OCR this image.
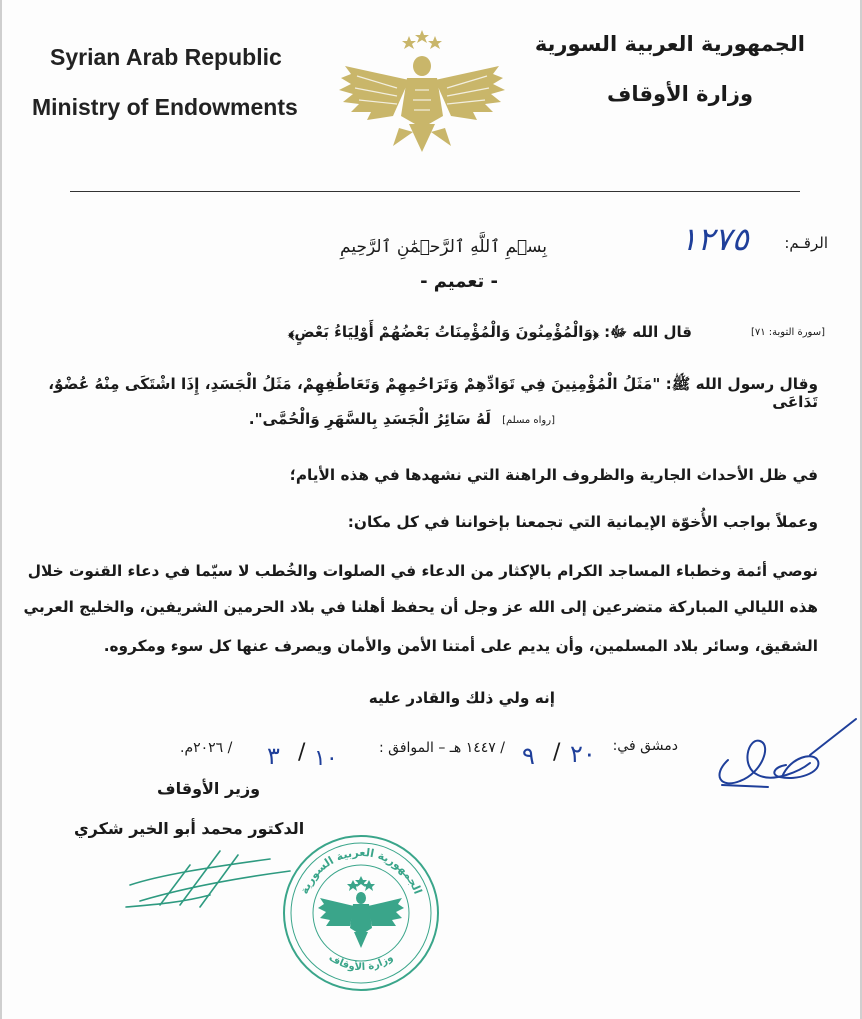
Syrian Arab Republic
Ministry of Endowments
الجمهورية العربية السورية
وزارة الأوقاف
الرقـم:
١٢٧٥
بِسۡمِ ٱللَّهِ ٱلرَّحۡمَٰنِ ٱلرَّحِيمِ
- تعميم -
قال الله ﷻ: ﴿وَالْمُؤْمِنُونَ وَالْمُؤْمِنَاتُ بَعْضُهُمْ أَوْلِيَاءُ بَعْضٍ﴾	[سورة التوبة: ٧١]
وقال رسول الله ﷺ: "مَثَلُ الْمُؤْمِنِينَ فِي تَوَادِّهِمْ وَتَرَاحُمِهِمْ وَتَعَاطُفِهِمْ، مَثَلُ الْجَسَدِ، إِذَا اشْتَكَى مِنْهُ عُضْوٌ، تَدَاعَى
لَهُ سَائِرُ الْجَسَدِ بِالسَّهَرِ وَالْحُمَّى". [رواه مسلم]
في ظل الأحداث الجارية والظروف الراهنة التي نشهدها في هذه الأيام؛
وعملاً بواجب الأُخوّة الإيمانية التي تجمعنا بإخواننا في كل مكان:
نوصي أئمة وخطباء المساجد الكرام بالإكثار من الدعاء في الصلوات والخُطب لا سيّما في دعاء القنوت خلال
هذه الليالي المباركة متضرعين إلى الله عز وجل أن يحفظ أهلنا في بلاد الحرمين الشريفين، والخليج العربي
الشقيق، وسائر بلاد المسلمين، وأن يديم على أمتنا الأمن والأمان ويصرف عنها كل سوء ومكروه.
إنه ولي ذلك والقادر عليه
دمشق في:
٢٠
/
٩
/ ١٤٤٧ هـ – الموافق :
١٠
/
٣
/ ٢٠٢٦م.
وزير الأوقاف
الدكتور محمد أبو الخير شكري
الجمهورية العربية السورية
وزارة الأوقاف
